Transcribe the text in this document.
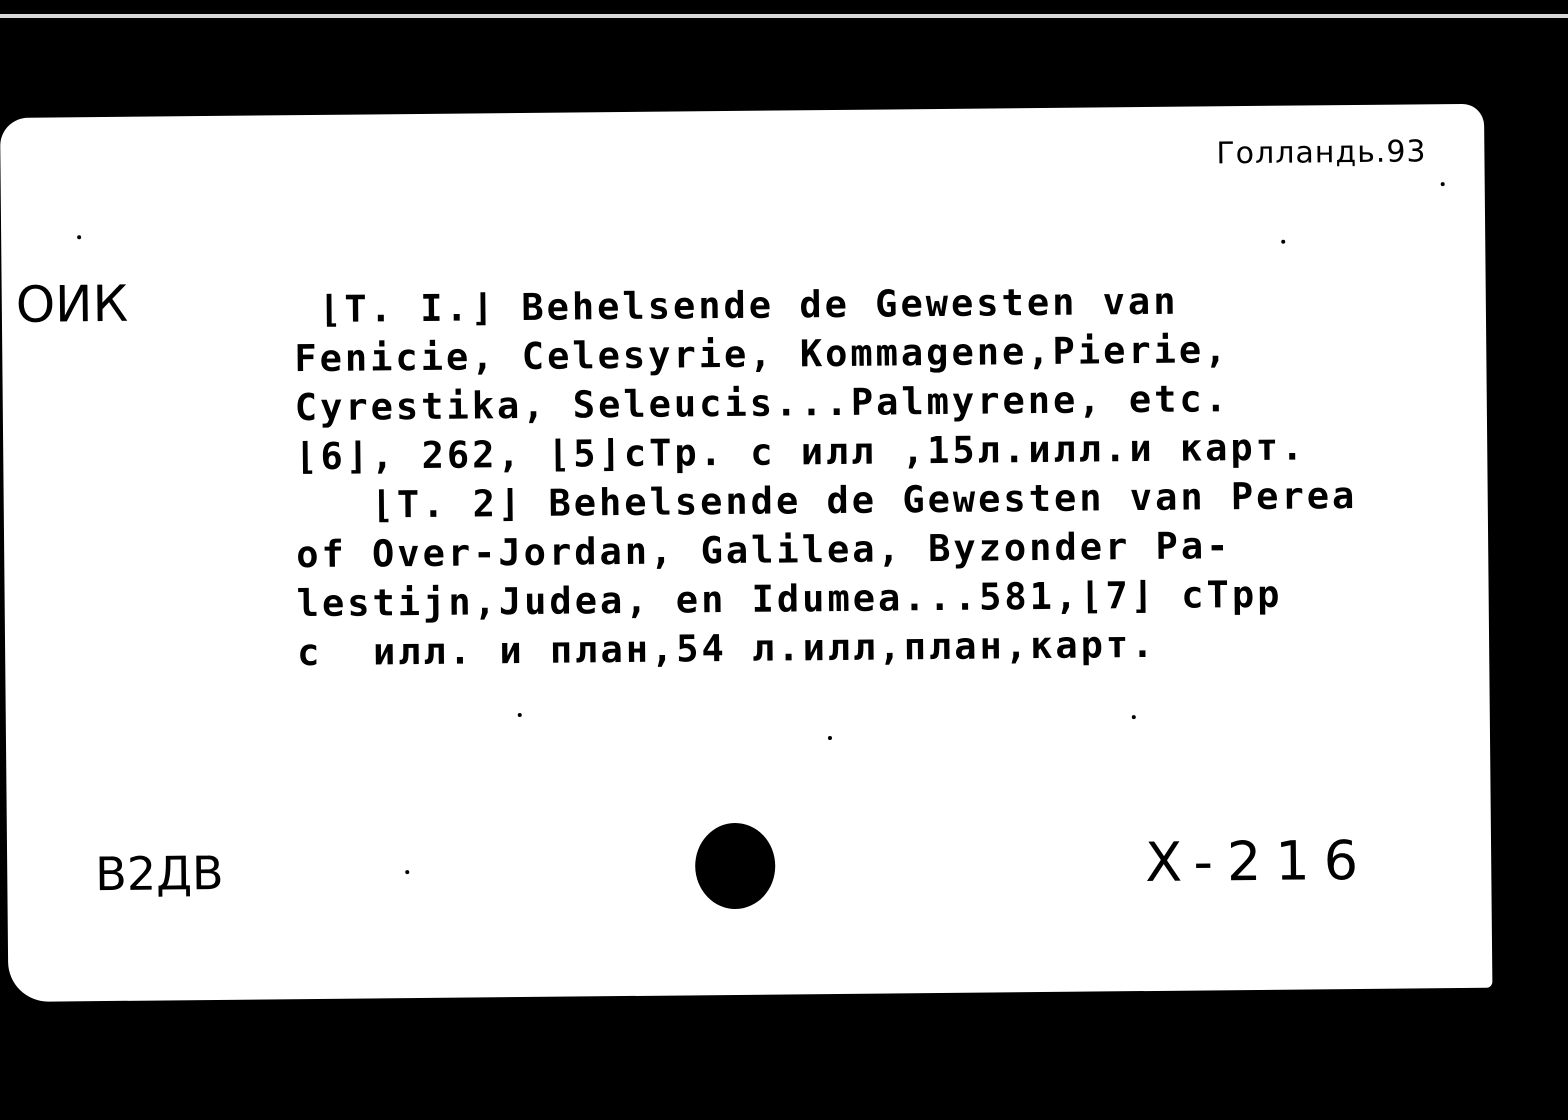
Голландь.93
ОИК	⌊T. I.⌋ Behelsende de Gewesten van
Fenicie, Celesyrie, Kommagene,Pierie,
Cyrestika, Seleucis...Palmyrene, etc.
⌊6⌋, 262, ⌊5⌋сТр. с илл ,15л.илл.и карт.
⌊T. 2⌋ Behelsende de Gewesten van Perea
of Over-Jordan, Galilea, Byzonder Pa-
lestijn,Judea, en Idumea...581,⌊7⌋ сТрр
с  илл. и план,54 л.илл,план,карт.
B2ДB	X-216
